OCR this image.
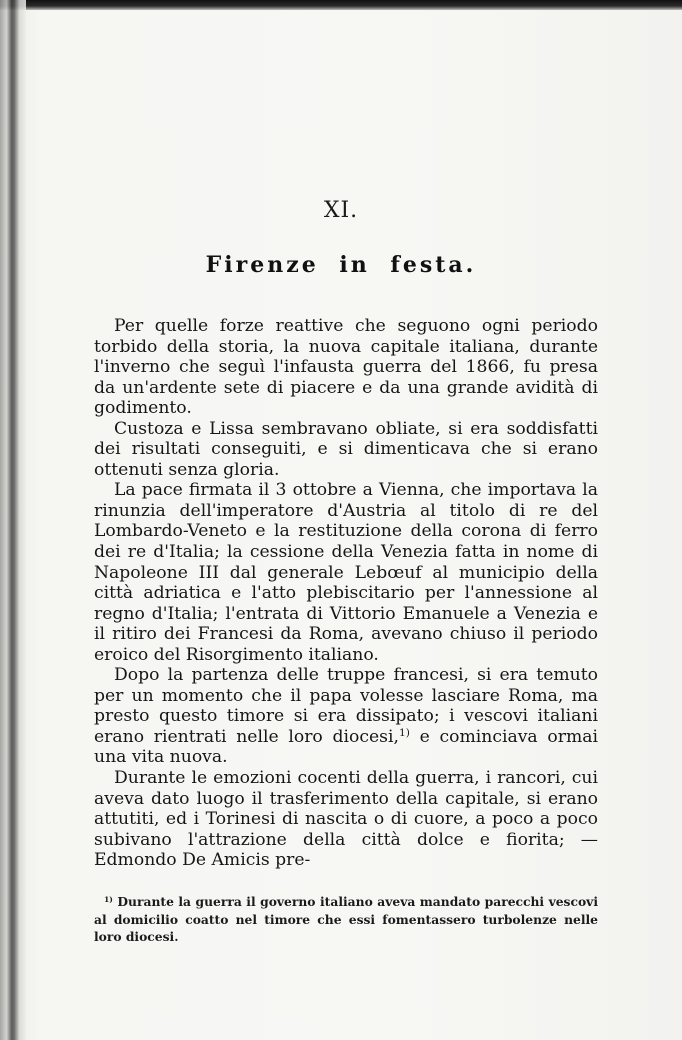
XI.
Firenze in festa.

Per quelle forze reattive che seguono ogni periodo torbido della storia, la nuova capitale italiana, durante l'inverno che seguì l'infausta guerra del 1866, fu presa da un'ardente sete di piacere e da una grande avidità di godimento.

Custoza e Lissa sembravano obliate, si era soddisfatti dei risultati conseguiti, e si dimenticava che si erano ottenuti senza gloria.

La pace firmata il 3 ottobre a Vienna, che importava la rinunzia dell'imperatore d'Austria al titolo di re del Lombardo-Veneto e la restituzione della corona di ferro dei re d'Italia; la cessione della Venezia fatta in nome di Napoleone III dal generale Lebœuf al municipio della città adriatica e l'atto plebiscitario per l'annessione al regno d'Italia; l'entrata di Vittorio Emanuele a Venezia e il ritiro dei Francesi da Roma, avevano chiuso il periodo eroico del Risorgimento italiano.

Dopo la partenza delle truppe francesi, si era temuto per un momento che il papa volesse lasciare Roma, ma presto questo timore si era dissipato; i vescovi italiani erano rientrati nelle loro diocesi,$^{1)}$ e cominciava ormai una vita nuova.

Durante le emozioni cocenti della guerra, i rancori, cui aveva dato luogo il trasferimento della capitale, si erano attutiti, ed i Torinesi di nascita o di cuore, a poco a poco subivano l'attrazione della città dolce e fiorita; — Edmondo De Amicis pre-

$^{1)}$ Durante la guerra il governo italiano aveva mandato parecchi vescovi al domicilio coatto nel timore che essi fomentassero turbolenze nelle loro diocesi.
